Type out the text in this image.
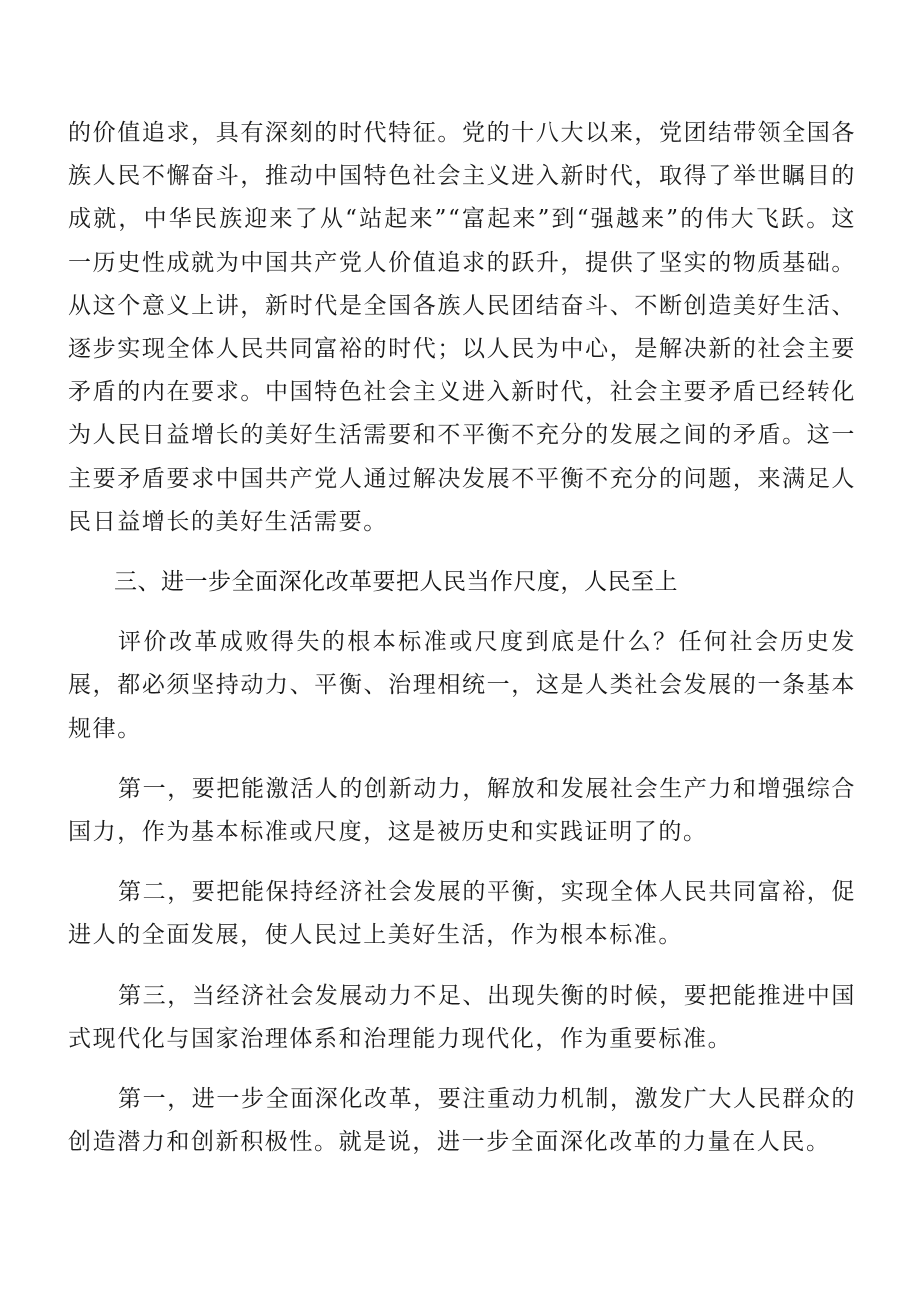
的价值追求，具有深刻的时代特征。党的十八大以来，党团结带领全国各族人民不懈奋斗，推动中国特色社会主义进入新时代，取得了举世瞩目的成就，中华民族迎来了从“站起来”“富起来”到“强越来”的伟大飞跃。这一历史性成就为中国共产党人价值追求的跃升，提供了坚实的物质基础。从这个意义上讲，新时代是全国各族人民团结奋斗、不断创造美好生活、逐步实现全体人民共同富裕的时代；以人民为中心，是解决新的社会主要矛盾的内在要求。中国特色社会主义进入新时代，社会主要矛盾已经转化为人民日益增长的美好生活需要和不平衡不充分的发展之间的矛盾。这一主要矛盾要求中国共产党人通过解决发展不平衡不充分的问题，来满足人民日益增长的美好生活需要。

三、进一步全面深化改革要把人民当作尺度，人民至上

评价改革成败得失的根本标准或尺度到底是什么？任何社会历史发展，都必须坚持动力、平衡、治理相统一，这是人类社会发展的一条基本规律。

第一，要把能激活人的创新动力，解放和发展社会生产力和增强综合国力，作为基本标准或尺度，这是被历史和实践证明了的。

第二，要把能保持经济社会发展的平衡，实现全体人民共同富裕，促进人的全面发展，使人民过上美好生活，作为根本标准。

第三，当经济社会发展动力不足、出现失衡的时候，要把能推进中国式现代化与国家治理体系和治理能力现代化，作为重要标准。

第一，进一步全面深化改革，要注重动力机制，激发广大人民群众的创造潜力和创新积极性。就是说，进一步全面深化改革的力量在人民。
